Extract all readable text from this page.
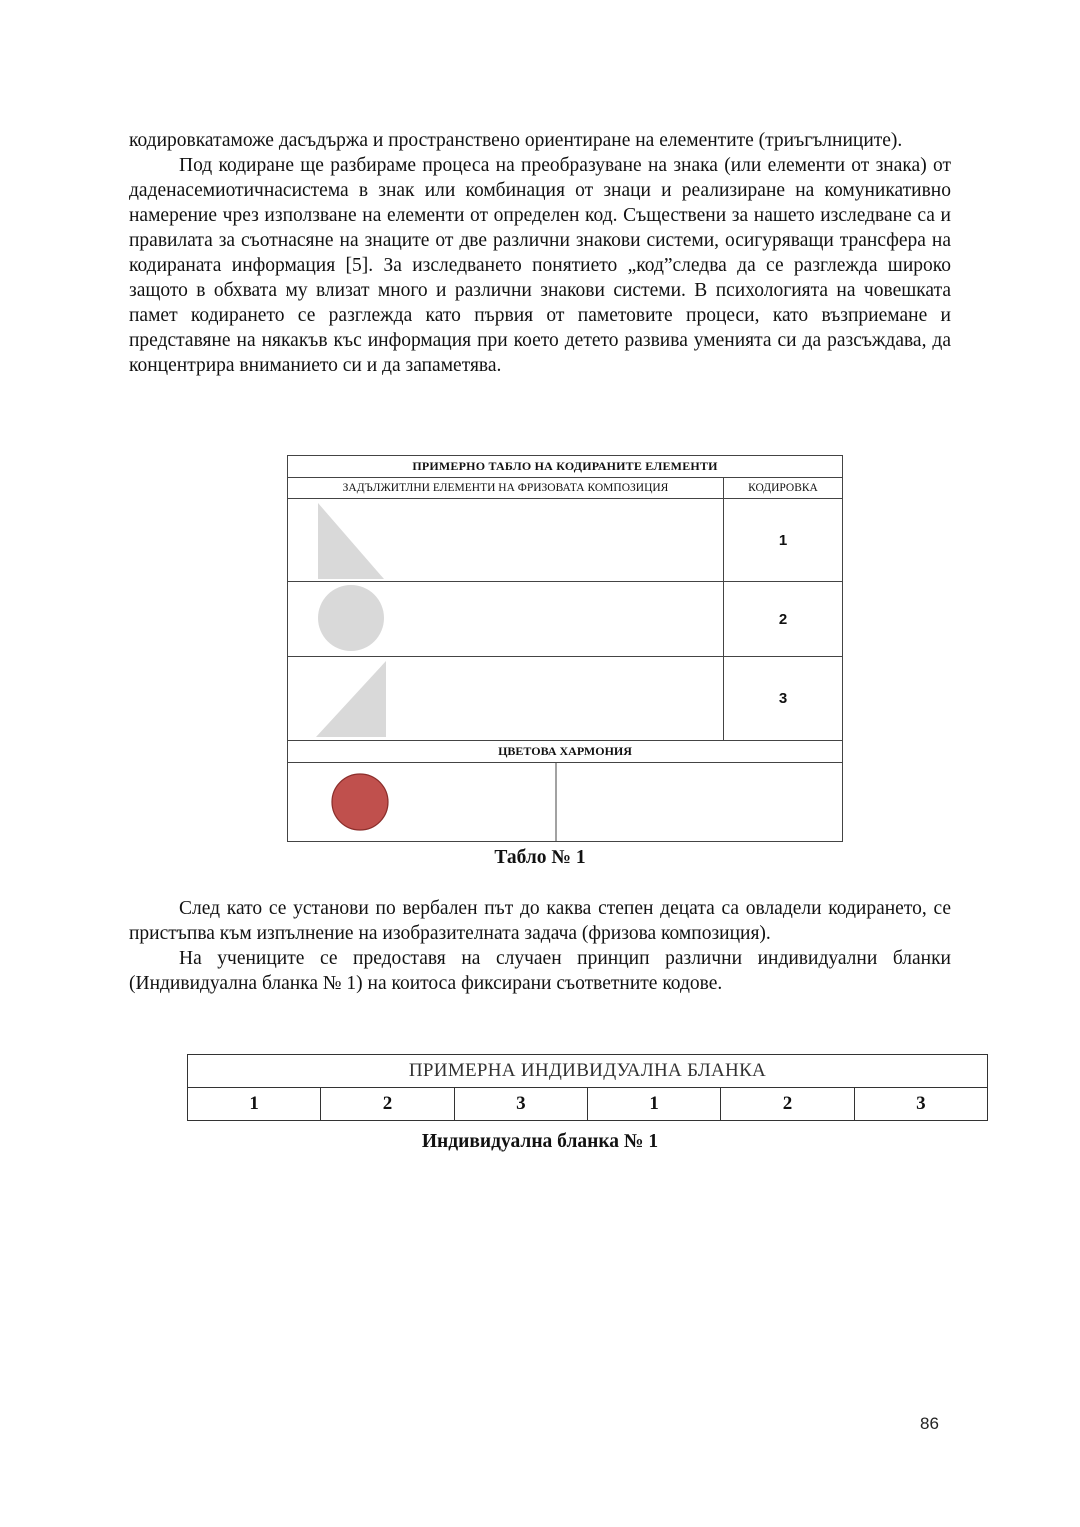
кодировкатаможе дасъдържа и пространствено ориентиране на елементите (триъгълниците).

Под кодиране ще разбираме процеса на преобразуване на знака (или елементи от знака) от даденасемиотичнасистема в знак или комбинация от знаци и реализиране на комуникативно намерение чрез използване на елементи от определен код. Съществени за нашето изследване са и правилата за съотнасяне на знаците от две различни знакови системи, осигуряващи трансфера на кодираната информация [5]. За изследването понятието „код”следва да се разглежда широко защото в обхвата му влизат много и различни знакови системи. В психологията на човешката памет кодирането се разглежда като първия от паметовите процеси, като възприемане и представяне на някакъв къс информация при което детето развива уменията си да разсъждава, да концентрира вниманието си и да запаметява.

ПРИМЕРНО ТАБЛО НА КОДИРАНИТЕ ЕЛЕМЕНТИ	
ЗАДЪЛЖИТЛНИ ЕЛЕМЕНТИ НА ФРИЗОВАТА КОМПОЗИЦИЯ	КОДИРОВКА

	1

	2

	3
ЦВЕТОВА ХАРМОНИЯ	

Табло № 1

След като се установи по вербален път до каква степен децата са овладели кодирането, се пристъпва към изпълнение на изобразителната задача (фризова композиция).

На учениците се предоставя на случаен принцип различни индивидуални бланки (Индивидуална бланка № 1) на коитоса фиксирани съответните кодове.

ПРИМЕРНА ИНДИВИДУАЛНА БЛАНКА
1	2	3	1	2	3
Индивидуална бланка № 1
86
